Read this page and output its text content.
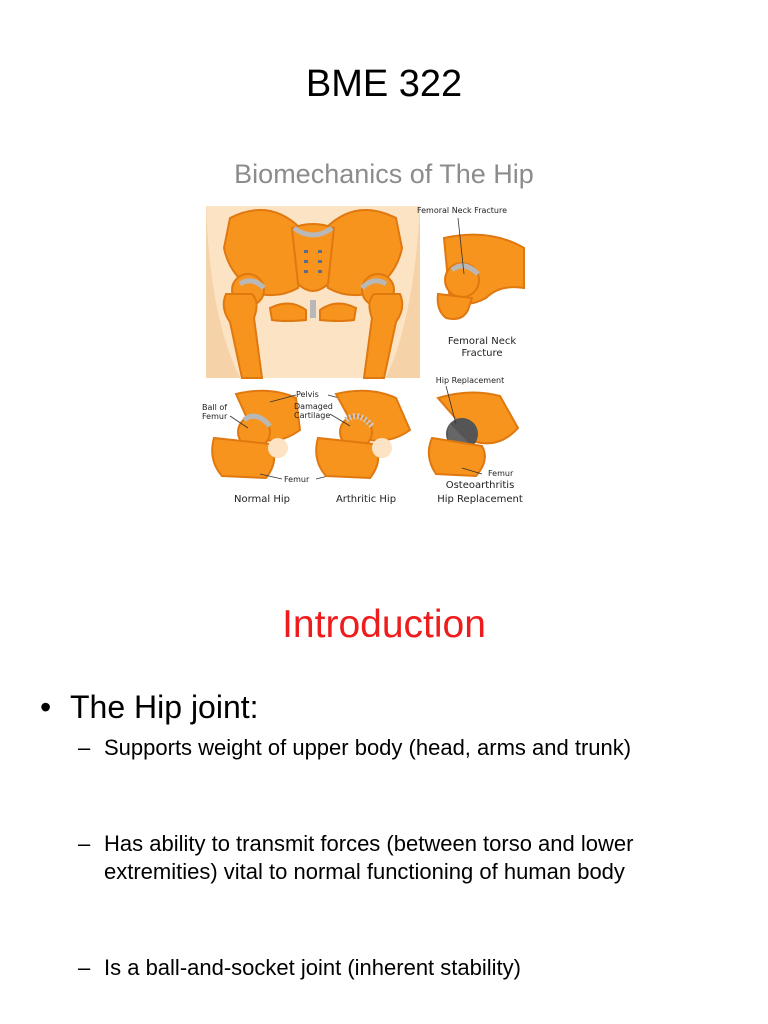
BME 322
Biomechanics of The Hip
Femoral Neck Fracture
Femoral Neck
Fracture
Hip Replacement
Femur
Osteoarthritis
Ball of
Femur
Pelvis
Femur
Normal Hip
Damaged
Cartilage
Arthritic Hip	Hip Replacement
Introduction
• The Hip joint:
– Supports weight of upper body (head, arms and trunk)
– Has ability to transmit forces (between torso and lower extremities) vital to normal functioning of human body
– Is a ball-and-socket joint (inherent stability)
